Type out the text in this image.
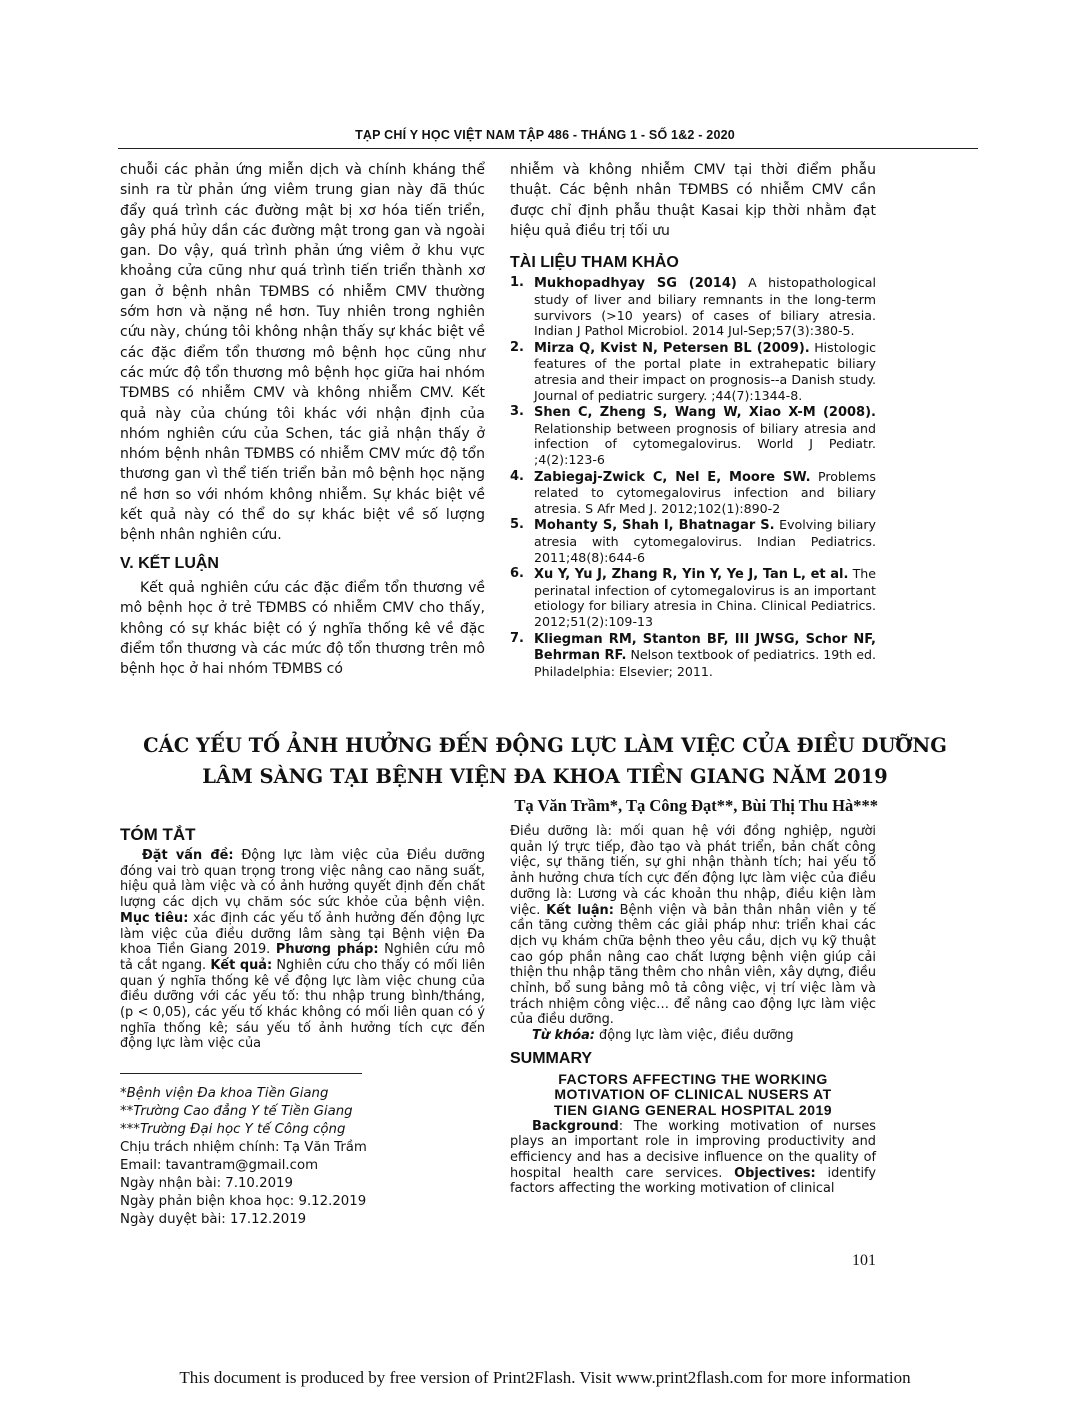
TẠP CHÍ Y HỌC VIỆT NAM TẬP 486 - THÁNG 1 - SỐ 1&2 - 2020

chuỗi các phản ứng miễn dịch và chính kháng thể sinh ra từ phản ứng viêm trung gian này đã thúc đẩy quá trình các đường mật bị xơ hóa tiến triển, gây phá hủy dần các đường mật trong gan và ngoài gan. Do vậy, quá trình phản ứng viêm ở khu vực khoảng cửa cũng như quá trình tiến triển thành xơ gan ở bệnh nhân TĐMBS có nhiễm CMV thường sớm hơn và nặng nề hơn. Tuy nhiên trong nghiên cứu này, chúng tôi không nhận thấy sự khác biệt về các đặc điểm tổn thương mô bệnh học cũng như các mức độ tổn thương mô bệnh học giữa hai nhóm TĐMBS có nhiễm CMV và không nhiễm CMV. Kết quả này của chúng tôi khác với nhận định của nhóm nghiên cứu của Schen, tác giả nhận thấy ở nhóm bệnh nhân TĐMBS có nhiễm CMV mức độ tổn thương gan vì thể tiến triển bản mô bệnh học nặng nề hơn so với nhóm không nhiễm. Sự khác biệt về kết quả này có thể do sự khác biệt về số lượng bệnh nhân nghiên cứu.

V. KẾT LUẬN

Kết quả nghiên cứu các đặc điểm tổn thương về mô bệnh học ở trẻ TĐMBS có nhiễm CMV cho thấy, không có sự khác biệt có ý nghĩa thống kê về đặc điểm tổn thương và các mức độ tổn thương trên mô bệnh học ở hai nhóm TĐMBS có

nhiễm và không nhiễm CMV tại thời điểm phẫu thuật. Các bệnh nhân TĐMBS có nhiễm CMV cần được chỉ định phẫu thuật Kasai kịp thời nhằm đạt hiệu quả điều trị tối ưu

TÀI LIỆU THAM KHẢO
1. Mukhopadhyay SG (2014) A histopathological study of liver and biliary remnants in the long-term survivors (>10 years) of cases of biliary atresia. Indian J Pathol Microbiol. 2014 Jul-Sep;57(3):380-5.
2. Mirza Q, Kvist N, Petersen BL (2009). Histologic features of the portal plate in extrahepatic biliary atresia and their impact on prognosis--a Danish study. Journal of pediatric surgery. ;44(7):1344-8.
3. Shen C, Zheng S, Wang W, Xiao X-M (2008). Relationship between prognosis of biliary atresia and infection of cytomegalovirus. World J Pediatr. ;4(2):123-6
4. Zabiegaj-Zwick C, Nel E, Moore SW. Problems related to cytomegalovirus infection and biliary atresia. S Afr Med J. 2012;102(1):890-2
5. Mohanty S, Shah I, Bhatnagar S. Evolving biliary atresia with cytomegalovirus. Indian Pediatrics. 2011;48(8):644-6
6. Xu Y, Yu J, Zhang R, Yin Y, Ye J, Tan L, et al. The perinatal infection of cytomegalovirus is an important etiology for biliary atresia in China. Clinical Pediatrics. 2012;51(2):109-13
7. Kliegman RM, Stanton BF, III JWSG, Schor NF, Behrman RF. Nelson textbook of pediatrics. 19th ed. Philadelphia: Elsevier; 2011.
CÁC YẾU TỐ ẢNH HƯỞNG ĐẾN ĐỘNG LỰC LÀM VIỆC CỦA ĐIỀU DƯỠNG
LÂM SÀNG TẠI BỆNH VIỆN ĐA KHOA TIỀN GIANG NĂM 2019
Tạ Văn Trầm*, Tạ Công Đạt**, Bùi Thị Thu Hà***
TÓM TẮT

Đặt vấn đề: Động lực làm việc của Điều dưỡng đóng vai trò quan trọng trong việc nâng cao năng suất, hiệu quả làm việc và có ảnh hưởng quyết định đến chất lượng các dịch vụ chăm sóc sức khỏe của bệnh viện. Mục tiêu: xác định các yếu tố ảnh hưởng đến động lực làm việc của điều dưỡng lâm sàng tại Bệnh viện Đa khoa Tiền Giang 2019. Phương pháp: Nghiên cứu mô tả cắt ngang. Kết quả: Nghiên cứu cho thấy có mối liên quan ý nghĩa thống kê về động lực làm việc chung của điều dưỡng với các yếu tố: thu nhập trung bình/tháng, (p < 0,05), các yếu tố khác không có mối liên quan có ý nghĩa thống kê; sáu yếu tố ảnh hưởng tích cực đến động lực làm việc của

*Bệnh viện Đa khoa Tiền Giang
**Trường Cao đẳng Y tế Tiền Giang
***Trường Đại học Y tế Công cộng
Chịu trách nhiệm chính: Tạ Văn Trầm
Email: tavantram@gmail.com
Ngày nhận bài: 7.10.2019
Ngày phản biện khoa học: 9.12.2019
Ngày duyệt bài: 17.12.2019

Điều dưỡng là: mối quan hệ với đồng nghiệp, người quản lý trực tiếp, đào tạo và phát triển, bản chất công việc, sự thăng tiến, sự ghi nhận thành tích; hai yếu tố ảnh hưởng chưa tích cực đến động lực làm việc của điều dưỡng là: Lương và các khoản thu nhập, điều kiện làm việc. Kết luận: Bệnh viện và bản thân nhân viên y tế cần tăng cường thêm các giải pháp như: triển khai các dịch vụ khám chữa bệnh theo yêu cầu, dịch vụ kỹ thuật cao góp phần nâng cao chất lượng bệnh viện giúp cải thiện thu nhập tăng thêm cho nhân viên, xây dựng, điều chỉnh, bổ sung bảng mô tả công việc, vị trí việc làm và trách nhiệm công việc… để nâng cao động lực làm việc của điều dưỡng.

Từ khóa: động lực làm việc, điều dưỡng

SUMMARY
FACTORS AFFECTING THE WORKING
MOTIVATION OF CLINICAL NUSERS AT
TIEN GIANG GENERAL HOSPITAL 2019

Background: The working motivation of nurses plays an important role in improving productivity and efficiency and has a decisive influence on the quality of hospital health care services. Objectives: identify factors affecting the working motivation of clinical

101
This document is produced by free version of Print2Flash. Visit www.print2flash.com for more information
